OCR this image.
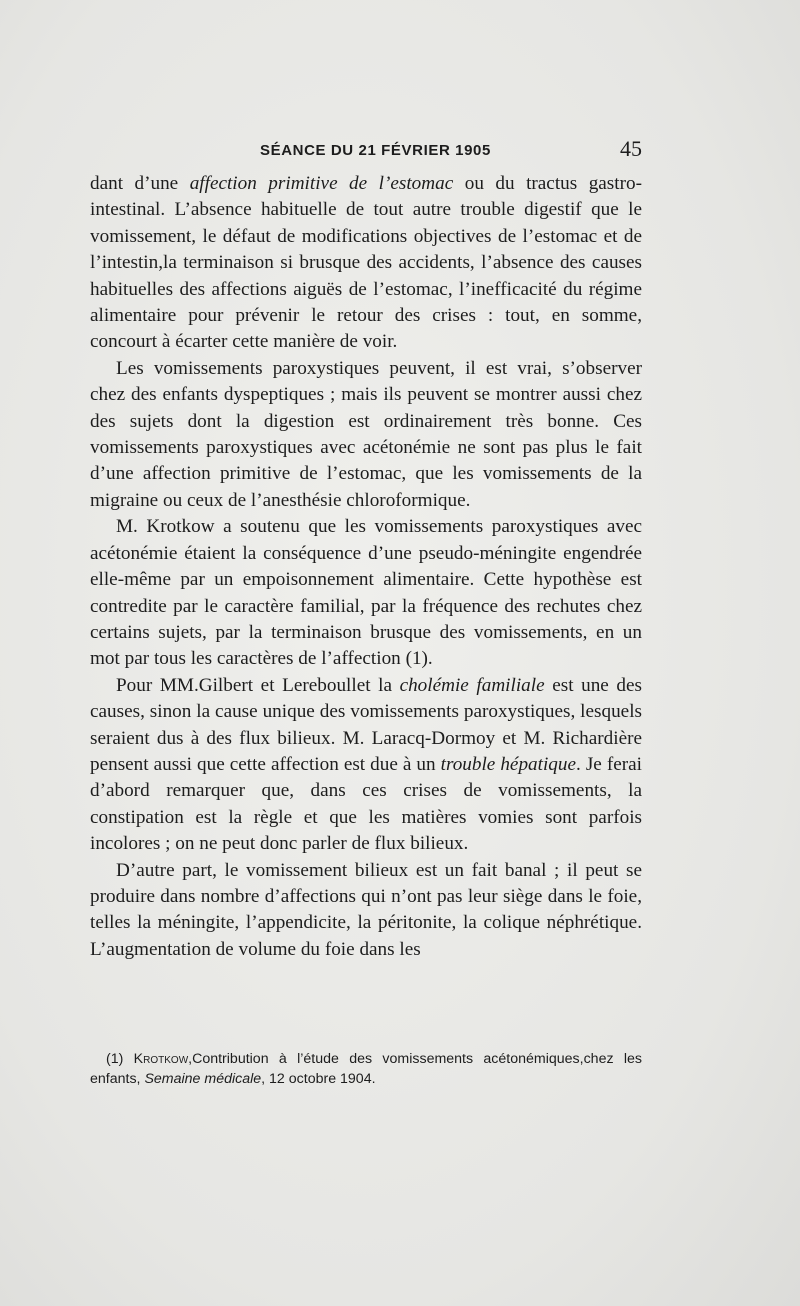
SÉANCE DU 21 FÉVRIER 1905	45

dant d’une affection primitive de l’estomac ou du tractus gastro-intestinal. L’absence habituelle de tout autre trouble digestif que le vomissement, le défaut de modifications objectives de l’estomac et de l’intestin,la terminaison si brusque des accidents, l’absence des causes habituelles des affections aiguës de l’estomac, l’inefficacité du régime alimentaire pour prévenir le retour des crises : tout, en somme, concourt à écarter cette manière de voir.

Les vomissements paroxystiques peuvent, il est vrai, s’observer chez des enfants dyspeptiques ; mais ils peuvent se montrer aussi chez des sujets dont la digestion est ordinairement très bonne. Ces vomissements paroxystiques avec acétonémie ne sont pas plus le fait d’une affection primitive de l’estomac, que les vomissements de la migraine ou ceux de l’anesthésie chloroformique.

M. Krotkow a soutenu que les vomissements paroxystiques avec acétonémie étaient la conséquence d’une pseudo-méningite engendrée elle-même par un empoisonnement alimentaire. Cette hypothèse est contredite par le caractère familial, par la fréquence des rechutes chez certains sujets, par la terminaison brusque des vomissements, en un mot par tous les caractères de l’affection (1).

Pour MM.Gilbert et Lereboullet la cholémie familiale est une des causes, sinon la cause unique des vomissements paroxystiques, lesquels seraient dus à des flux bilieux. M. Laracq-Dormoy et M. Richardière pensent aussi que cette affection est due à un trouble hépatique. Je ferai d’abord remarquer que, dans ces crises de vomissements, la constipation est la règle et que les matières vomies sont parfois incolores ; on ne peut donc parler de flux bilieux.

D’autre part, le vomissement bilieux est un fait banal ; il peut se produire dans nombre d’affections qui n’ont pas leur siège dans le foie, telles la méningite, l’appendicite, la péritonite, la colique néphrétique. L’augmentation de volume du foie dans les

(1) Krotkow,Contribution à l’étude des vomissements acétonémiques,chez les enfants, Semaine médicale, 12 octobre 1904.
